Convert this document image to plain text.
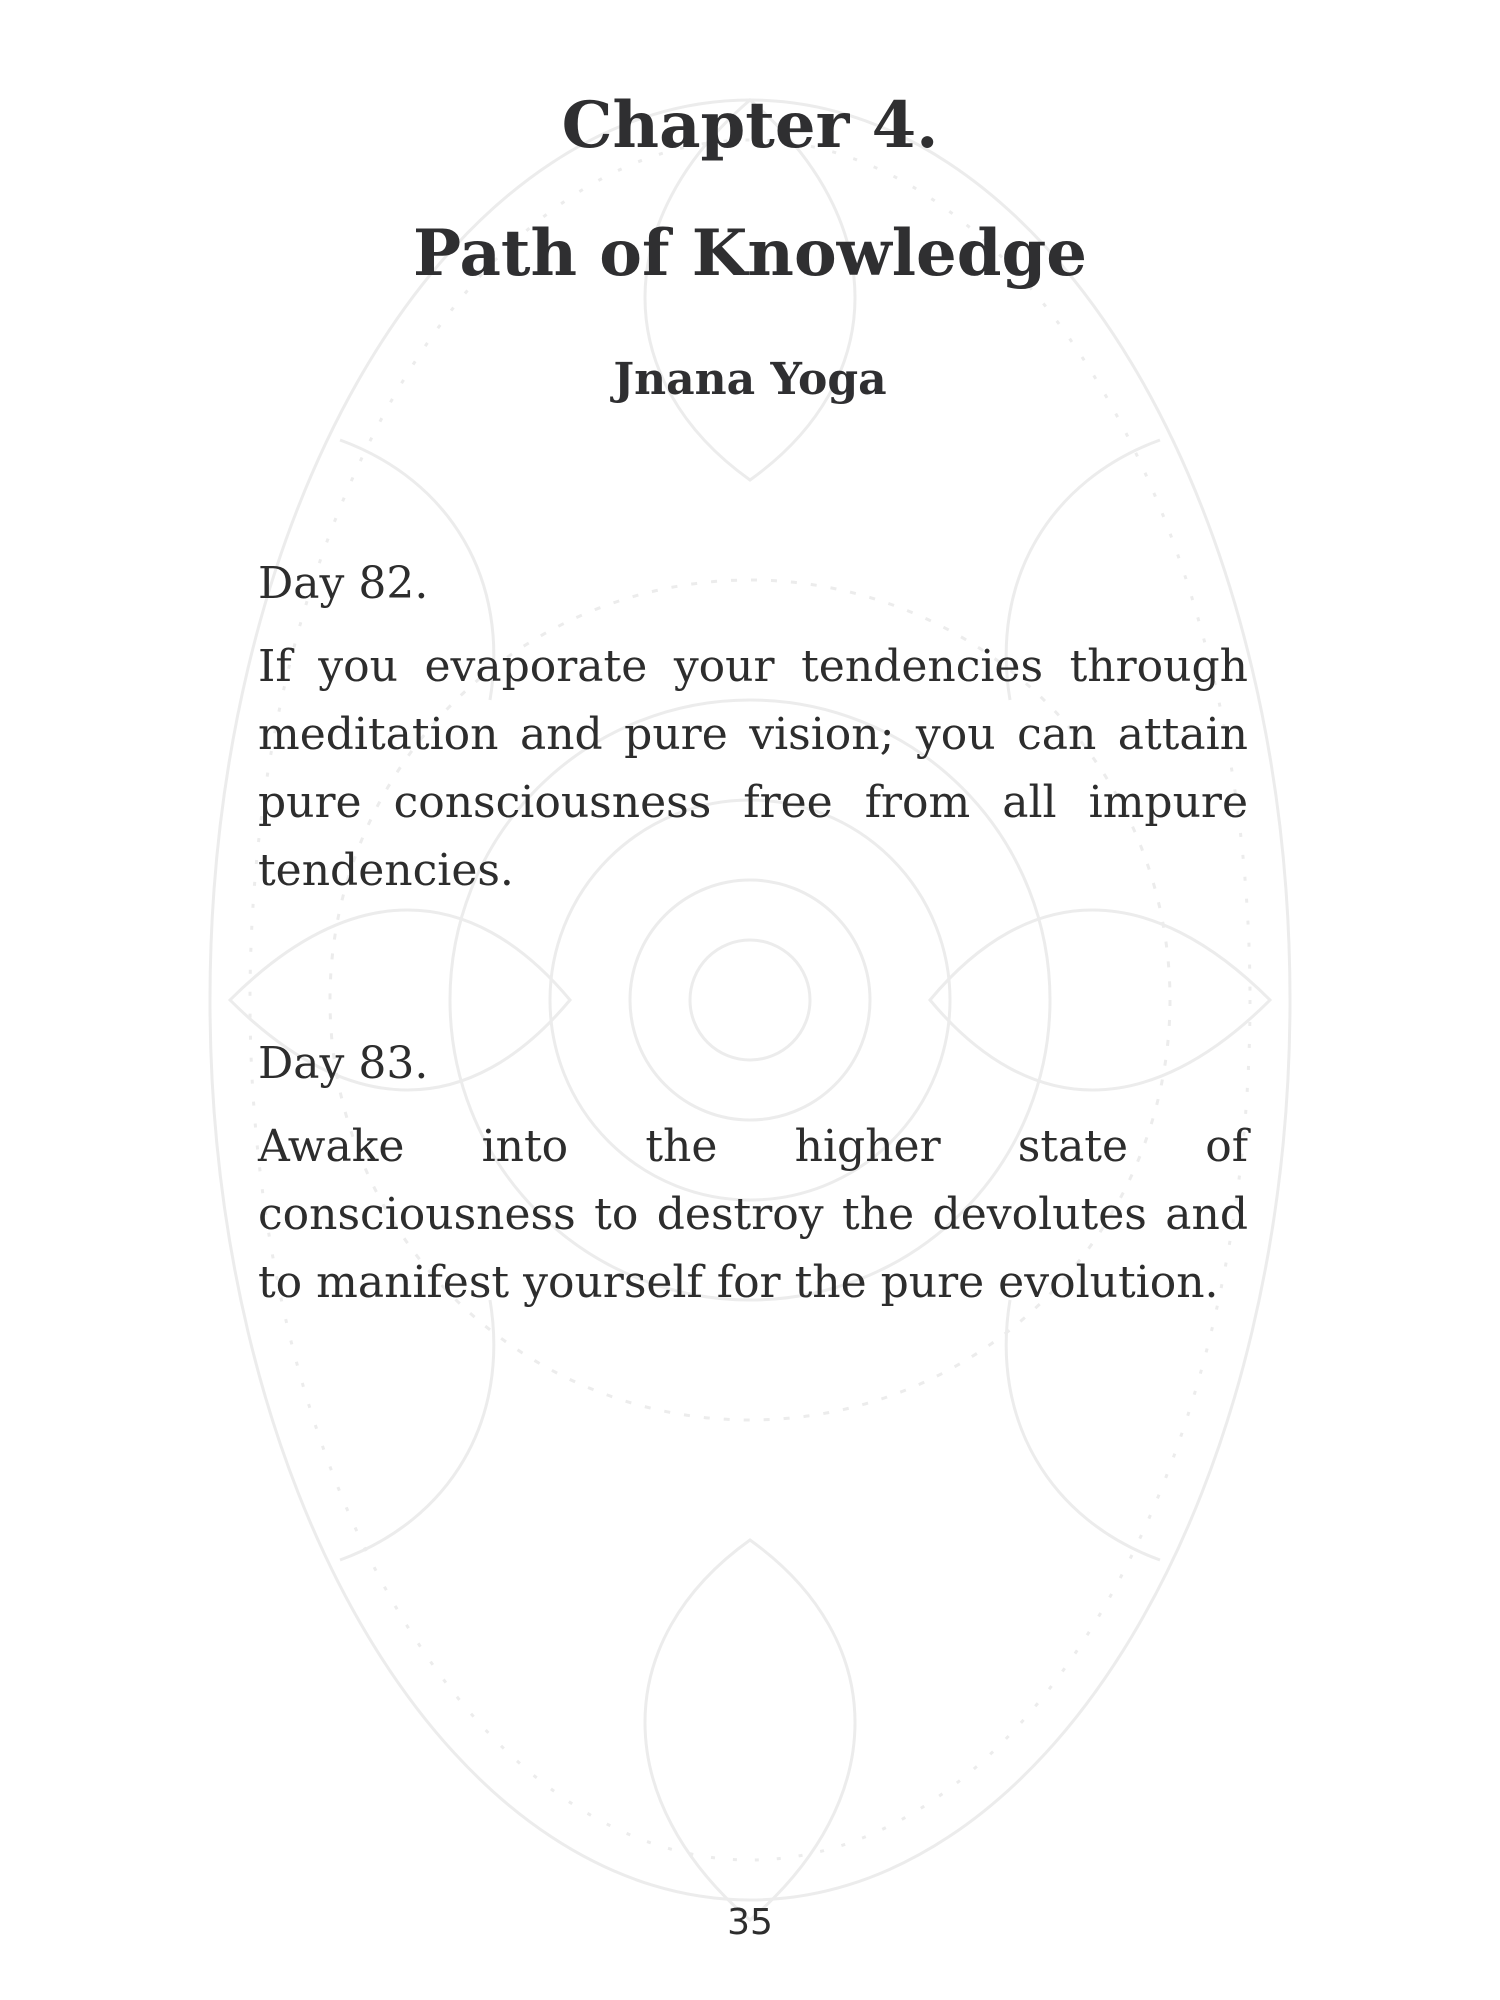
Chapter 4.
Path of Knowledge
Jnana Yoga

Day 82.

If you evaporate your tendencies through meditation and pure vision; you can attain pure consciousness free from all impure tendencies.

Day 83.

Awake into the higher state of consciousness to destroy the devolutes and to manifest yourself for the pure evolution.

35
